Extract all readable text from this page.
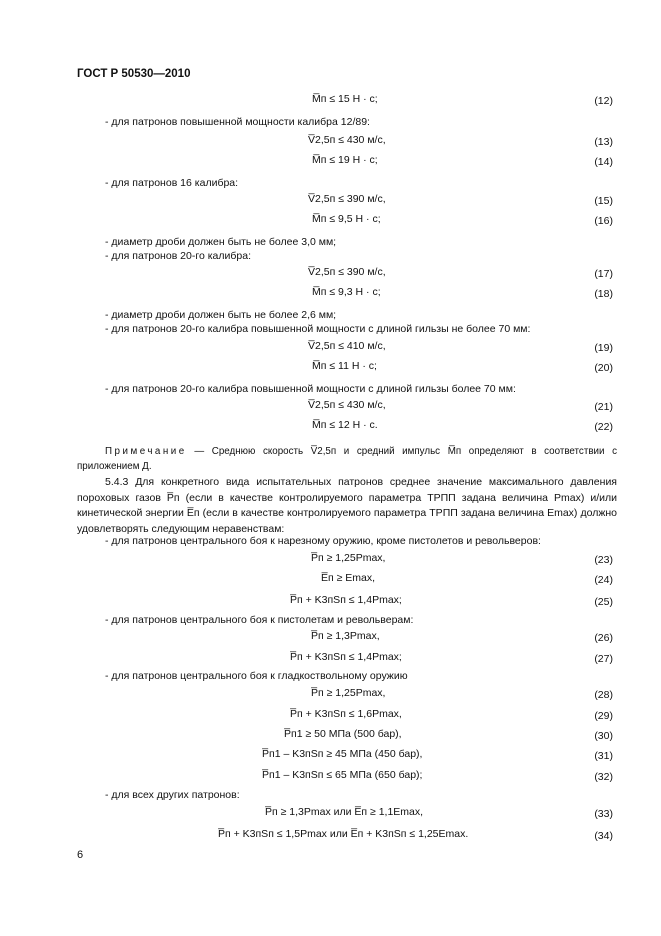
ГОСТ Р 50530—2010
M̅п ≤ 15 Н · с;	(12)
- для патронов повышенной мощности калибра 12/89:
V̅2,5п ≤ 430 м/с,	(13)
M̅п ≤ 19 Н · с;	(14)
- для патронов 16 калибра:
V̅2,5п ≤ 390 м/с,	(15)
M̅п ≤ 9,5 Н · с;	(16)
- диаметр дроби должен быть не более 3,0 мм;
- для патронов 20-го калибра:
V̅2,5п ≤ 390 м/с,	(17)
M̅п ≤ 9,3 Н · с;	(18)
- диаметр дроби должен быть не более 2,6 мм;
- для патронов 20-го калибра повышенной мощности с длиной гильзы не более 70 мм:
V̅2,5п ≤ 410 м/с,	(19)
M̅п ≤ 11 Н · с;	(20)
- для патронов 20-го калибра повышенной мощности с длиной гильзы более 70 мм:
V̅2,5п ≤ 430 м/с,	(21)
M̅п ≤ 12 Н · с.	(22)
Примечание — Среднюю скорость V̅2,5п и средний импульс M̅п определяют в соответствии с приложением Д.
5.4.3 Для конкретного вида испытательных патронов среднее значение максимального давления пороховых газов P̅п (если в качестве контролируемого параметра ТРПП задана величина Pmax) и/или кинетической энергии E̅п (если в качестве контролируемого параметра ТРПП задана величина Emax) должно удовлетворять следующим неравенствам:
- для патронов центрального боя к нарезному оружию, кроме пистолетов и револьверов:
P̅п ≥ 1,25Pmax,	(23)
E̅п ≥ Emax,	(24)
P̅п + K3пSп ≤ 1,4Pmax;	(25)
- для патронов центрального боя к пистолетам и револьверам:
P̅п ≥ 1,3Pmax,	(26)
P̅п + K3пSп ≤ 1,4Pmax;	(27)
- для патронов центрального боя к гладкоствольному оружию
P̅п ≥ 1,25Pmax,	(28)
P̅п + K3пSп ≤ 1,6Pmax,	(29)
P̅п1 ≥ 50 МПа (500 бар),	(30)
P̅п1 – K3пSп ≥ 45 МПа (450 бар),	(31)
P̅п1 – K3пSп ≤ 65 МПа (650 бар);	(32)
- для всех других патронов:
P̅п ≥ 1,3Pmax или E̅п ≥ 1,1Emax,	(33)
P̅п + K3пSп ≤ 1,5Pmax или E̅п + K3пSп ≤ 1,25Emax.	(34)
6
